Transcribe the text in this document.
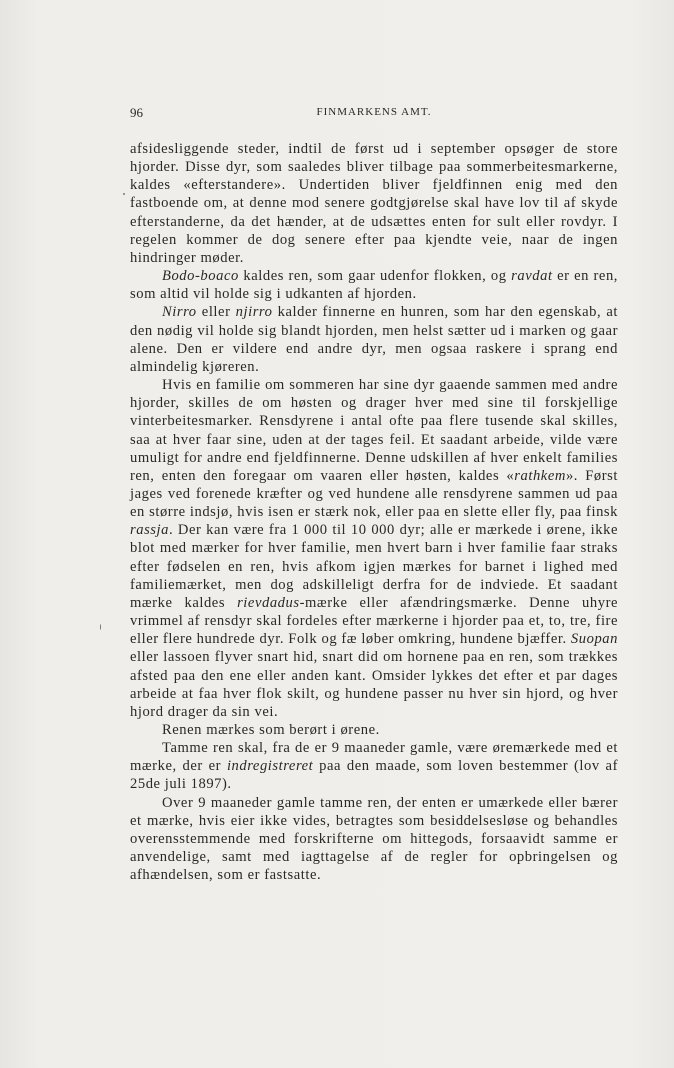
96	FINMARKENS AMT.

afsidesliggende steder, indtil de først ud i september opsøger de store hjorder. Disse dyr, som saaledes bliver tilbage paa sommerbeitesmarkerne, kaldes «efterstandere». Undertiden bliver fjeldfinnen enig med den fastboende om, at denne mod senere godtgjørelse skal have lov til af skyde efterstanderne, da det hænder, at de udsættes enten for sult eller rovdyr. I regelen kommer de dog senere efter paa kjendte veie, naar de ingen hindringer møder.

Bodo-boaco kaldes ren, som gaar udenfor flokken, og ravdat er en ren, som altid vil holde sig i udkanten af hjorden.

Nirro eller njirro kalder finnerne en hunren, som har den egenskab, at den nødig vil holde sig blandt hjorden, men helst sætter ud i marken og gaar alene. Den er vildere end andre dyr, men ogsaa raskere i sprang end almindelig kjøreren.

Hvis en familie om sommeren har sine dyr gaaende sammen med andre hjorder, skilles de om høsten og drager hver med sine til forskjellige vinterbeitesmarker. Rensdyrene i antal ofte paa flere tusende skal skilles, saa at hver faar sine, uden at der tages feil. Et saadant arbeide, vilde være umuligt for andre end fjeldfinnerne. Denne udskillen af hver enkelt families ren, enten den foregaar om vaaren eller høsten, kaldes «rathkem». Først jages ved forenede kræfter og ved hundene alle rensdyrene sammen ud paa en større indsjø, hvis isen er stærk nok, eller paa en slette eller fly, paa finsk rassja. Der kan være fra 1 000 til 10 000 dyr; alle er mærkede i ørene, ikke blot med mærker for hver familie, men hvert barn i hver familie faar straks efter fødselen en ren, hvis afkom igjen mærkes for barnet i lighed med familiemærket, men dog adskilleligt derfra for de indviede. Et saadant mærke kaldes rievdadus-mærke eller afændringsmærke. Denne uhyre vrimmel af rensdyr skal fordeles efter mærkerne i hjorder paa et, to, tre, fire eller flere hundrede dyr. Folk og fæ løber omkring, hundene bjæffer. Suopan eller lassoen flyver snart hid, snart did om hornene paa en ren, som trækkes afsted paa den ene eller anden kant. Omsider lykkes det efter et par dages arbeide at faa hver flok skilt, og hundene passer nu hver sin hjord, og hver hjord drager da sin vei.

Renen mærkes som berørt i ørene.

Tamme ren skal, fra de er 9 maaneder gamle, være øremærkede med et mærke, der er indregistreret paa den maade, som loven bestemmer (lov af 25de juli 1897).

Over 9 maaneder gamle tamme ren, der enten er umærkede eller bærer et mærke, hvis eier ikke vides, betragtes som besiddelsesløse og behandles overensstemmende med forskrifterne om hittegods, forsaavidt samme er anvendelige, samt med iagttagelse af de regler for opbringelsen og afhændelsen, som er fastsatte.
